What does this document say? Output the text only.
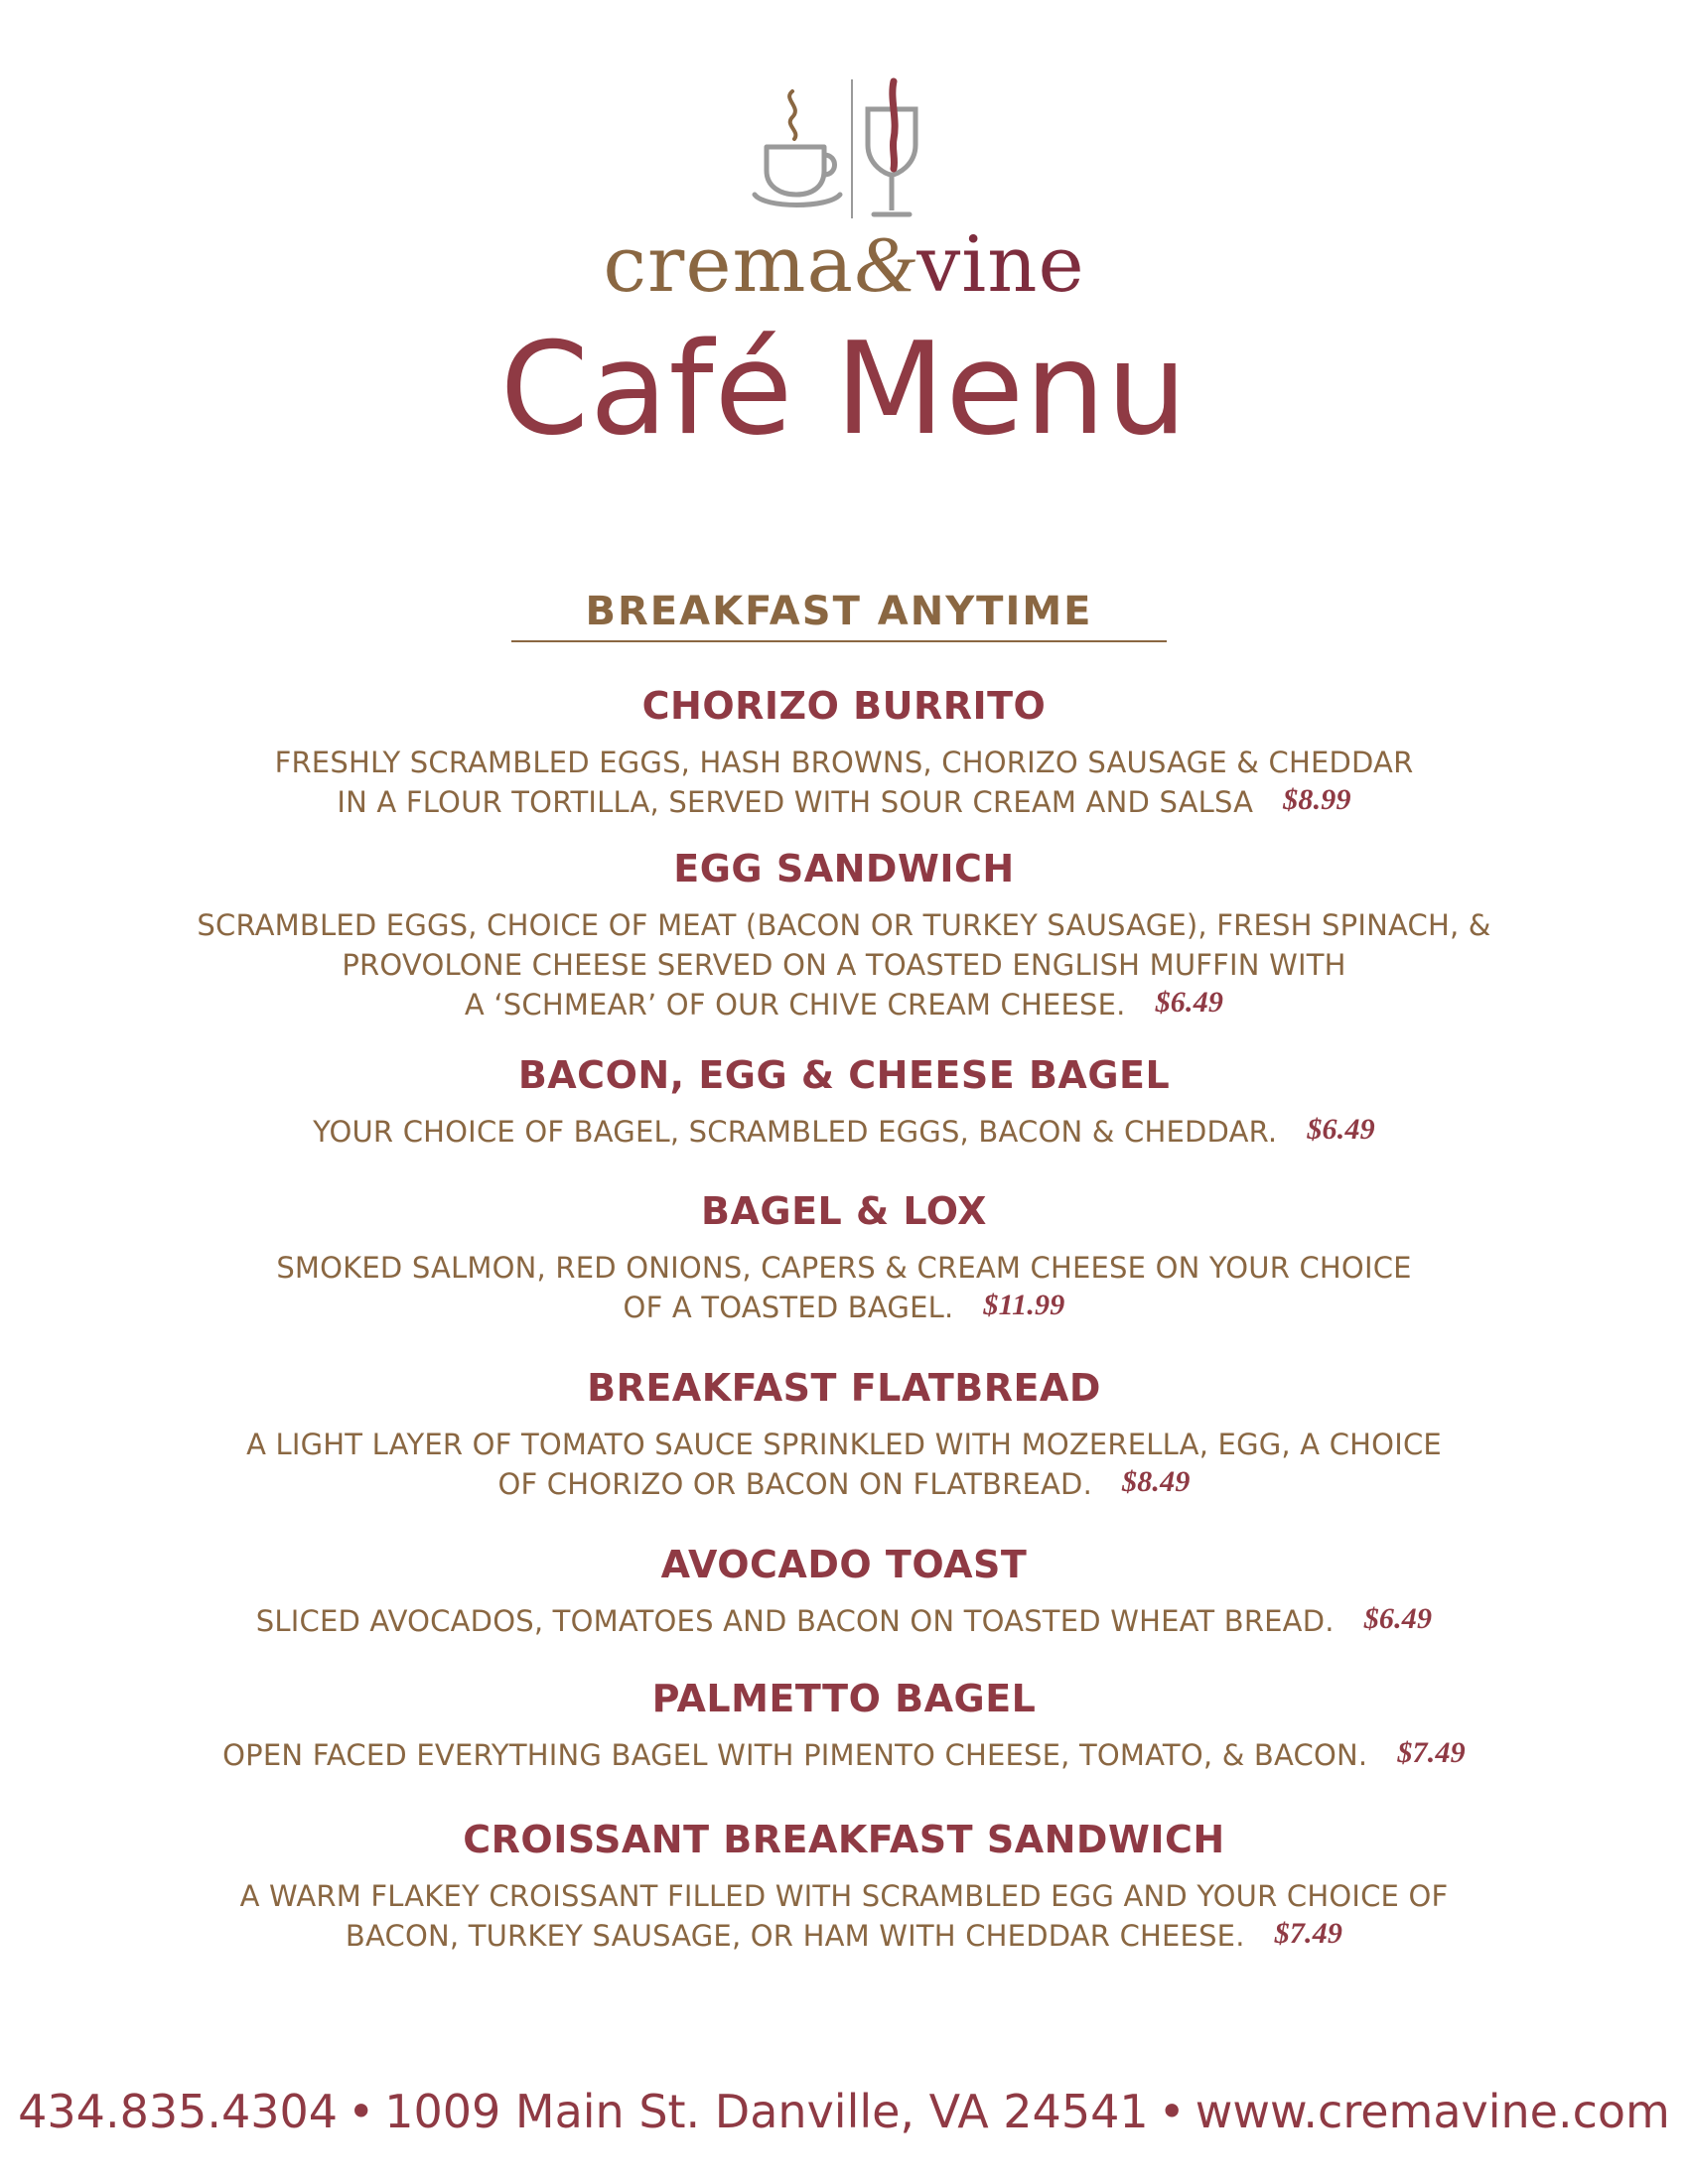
crema&vine
Café Menu
BREAKFAST ANYTIME
CHORIZO BURRITO
FRESHLY SCRAMBLED EGGS, HASH BROWNS, CHORIZO SAUSAGE & CHEDDAR
IN A FLOUR TORTILLA, SERVED WITH SOUR CREAM AND SALSA $8.99
EGG SANDWICH
SCRAMBLED EGGS, CHOICE OF MEAT (BACON OR TURKEY SAUSAGE), FRESH SPINACH, &
PROVOLONE CHEESE SERVED ON A TOASTED ENGLISH MUFFIN WITH
A ‘SCHMEAR’ OF OUR CHIVE CREAM CHEESE. $6.49
BACON, EGG & CHEESE BAGEL
YOUR CHOICE OF BAGEL, SCRAMBLED EGGS, BACON & CHEDDAR. $6.49
BAGEL & LOX
SMOKED SALMON, RED ONIONS, CAPERS & CREAM CHEESE ON YOUR CHOICE
OF A TOASTED BAGEL. $11.99
BREAKFAST FLATBREAD
A LIGHT LAYER OF TOMATO SAUCE SPRINKLED WITH MOZERELLA, EGG, A CHOICE
OF CHORIZO OR BACON ON FLATBREAD. $8.49
AVOCADO TOAST
SLICED AVOCADOS, TOMATOES AND BACON ON TOASTED WHEAT BREAD. $6.49
PALMETTO BAGEL
OPEN FACED EVERYTHING BAGEL WITH PIMENTO CHEESE, TOMATO, & BACON. $7.49
CROISSANT BREAKFAST SANDWICH
A WARM FLAKEY CROISSANT FILLED WITH SCRAMBLED EGG AND YOUR CHOICE OF
BACON, TURKEY SAUSAGE, OR HAM WITH CHEDDAR CHEESE. $7.49
434.835.4304 • 1009 Main St. Danville, VA 24541 • www.cremavine.com
